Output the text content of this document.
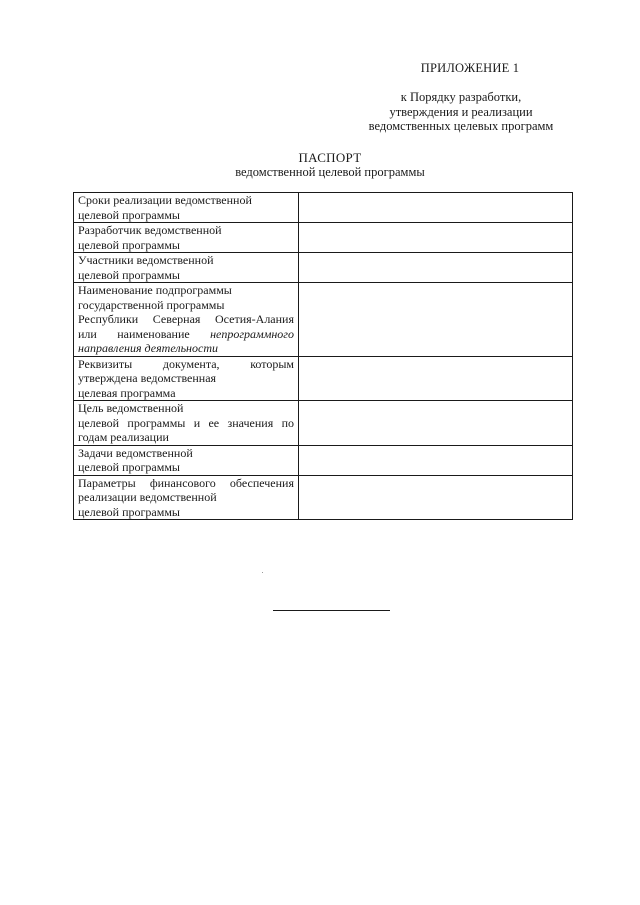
ПРИЛОЖЕНИЕ 1
к Порядку разработки,
утверждения и реализации
ведомственных целевых программ
ПАСПОРТ
ведомственной целевой программы
Сроки реализации ведомственной
целевой программы	

Разработчик ведомственной
целевой программы	

Участники ведомственной
целевой программы	

Наименование подпрограммы
государственной программы
Республики Северная Осетия-Алания
или наименование непрограммного
направления деятельности	

Реквизиты документа, которым
утверждена ведомственная
целевая программа	

Цель ведомственной
целевой программы и ее значения по
годам реализации	

Задачи ведомственной
целевой программы	

Параметры финансового обеспечения
реализации ведомственной
целевой программы	
